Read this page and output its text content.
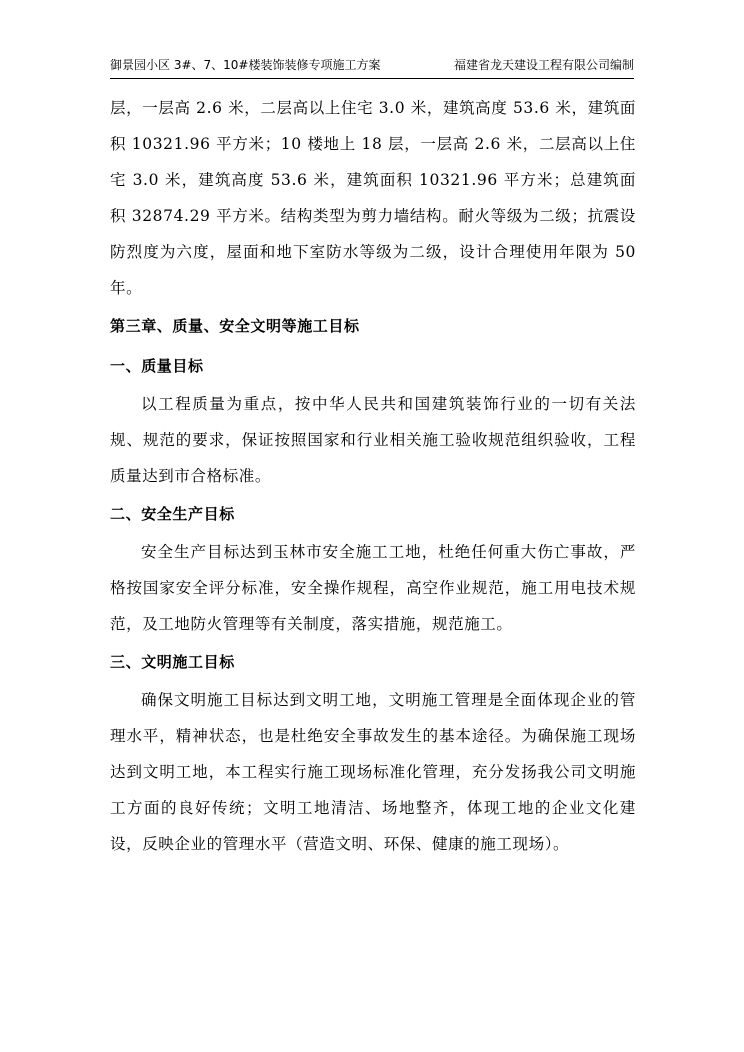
御景园小区 3#、7、10#楼装饰装修专项施工方案	福建省龙天建设工程有限公司编制

层，一层高 2.6 米，二层高以上住宅 3.0 米，建筑高度 53.6 米，建筑面积 10321.96 平方米；10 楼地上 18 层，一层高 2.6 米，二层高以上住宅 3.0 米，建筑高度 53.6 米，建筑面积 10321.96 平方米；总建筑面积 32874.29 平方米。结构类型为剪力墙结构。耐火等级为二级；抗震设防烈度为六度，屋面和地下室防水等级为二级，设计合理使用年限为 50 年。

第三章、质量、安全文明等施工目标
一、质量目标

以工程质量为重点，按中华人民共和国建筑装饰行业的一切有关法规、规范的要求，保证按照国家和行业相关施工验收规范组织验收，工程质量达到市合格标准。

二、安全生产目标

安全生产目标达到玉林市安全施工工地，杜绝任何重大伤亡事故，严格按国家安全评分标准，安全操作规程，高空作业规范，施工用电技术规范，及工地防火管理等有关制度，落实措施，规范施工。

三、文明施工目标

确保文明施工目标达到文明工地，文明施工管理是全面体现企业的管理水平，精神状态，也是杜绝安全事故发生的基本途径。为确保施工现场达到文明工地，本工程实行施工现场标准化管理，充分发扬我公司文明施工方面的良好传统；文明工地清洁、场地整齐，体现工地的企业文化建设，反映企业的管理水平（营造文明、环保、健康的施工现场）。
